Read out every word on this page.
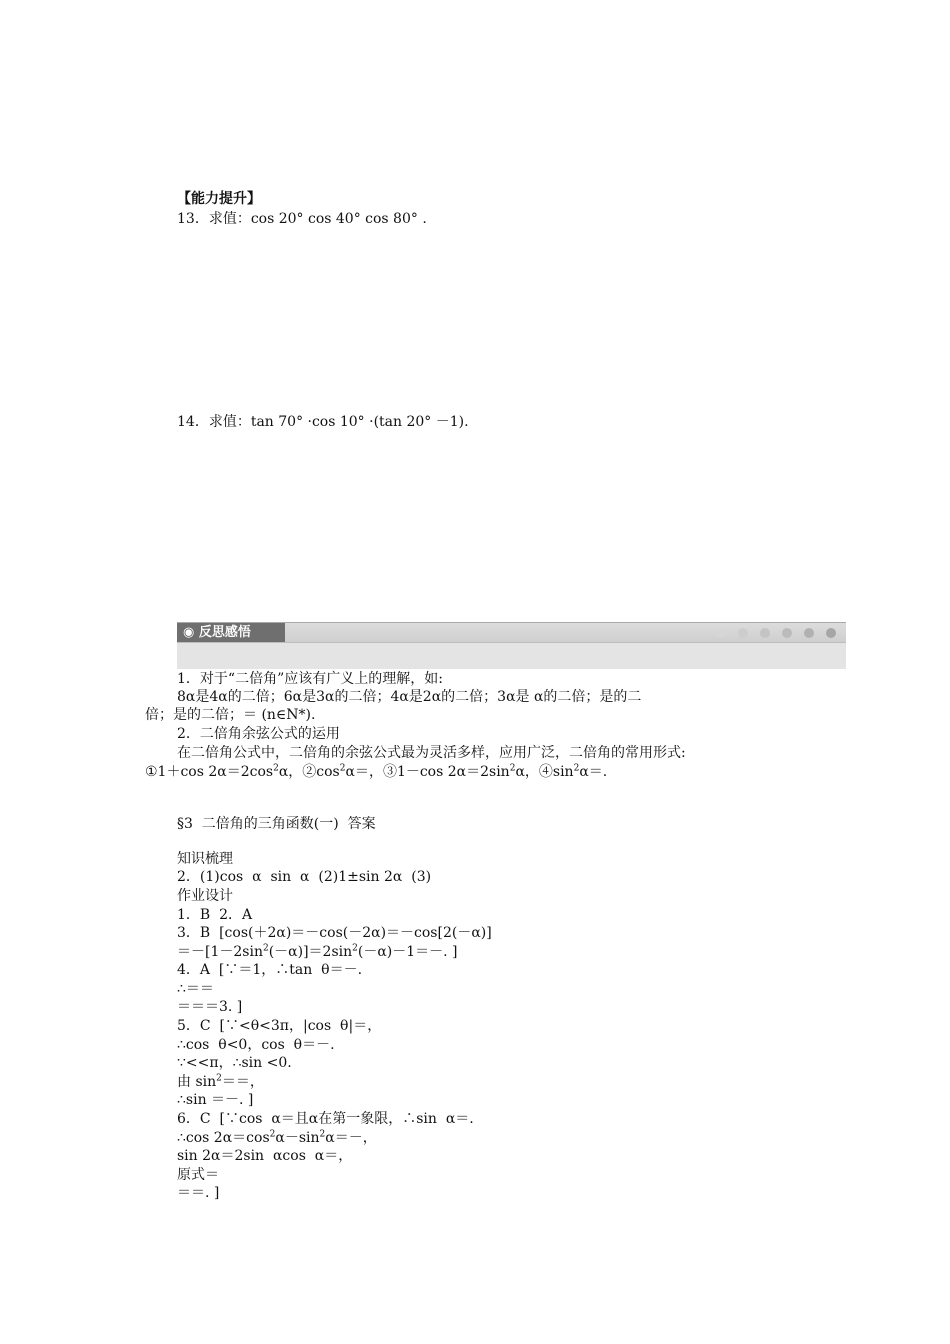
【能力提升】
13．求值：cos 20° cos 40° cos 80° .
14．求值：tan 70° ·cos 10° ·(tan 20° －1).
◉ 反思感悟
1．对于“二倍角”应该有广义上的理解，如:
8α是4α的二倍；6α是3α的二倍；4α是2α的二倍；3α是 α的二倍；是的二
倍；是的二倍；＝ (n∈N*).
2．二倍角余弦公式的运用
在二倍角公式中，二倍角的余弦公式最为灵活多样，应用广泛，二倍角的常用形式:
①1＋cos $2\alpha=2\cos^2\alpha$，$②\cos^2\alpha=$，③1－cos $2\alpha=2\sin^2\alpha$，$④\sin^2\alpha=$.
§3  二倍角的三角函数(一)  答案
知识梳理
2．(1)cos  α  sin  α  (2)1±sin 2α  (3)
作业设计
1．B  2．A
3．B  [cos(＋2α)＝－cos(－2α)＝－cos[2(－α)]
$=-[1-2\sin^2(-\alpha)]=2\sin^2(-\alpha)-1=-$. ]
4．A  [∵＝1，∴tan  θ＝－.
∴＝＝
＝＝＝3. ]
5．C  [∵<θ<3π，|cos  θ|＝，
∴cos  θ<0，cos  θ＝－.
∵<<π，∴sin <0.
由 $\sin^2==$，
∴sin ＝－. ]
6．C  [∵cos  α＝且α在第一象限，∴sin  α＝.
∴cos $2\alpha=\cos^2\alpha-\sin^2\alpha=-$，
sin 2α＝2sin  αcos  α＝，
原式＝
＝＝. ]
